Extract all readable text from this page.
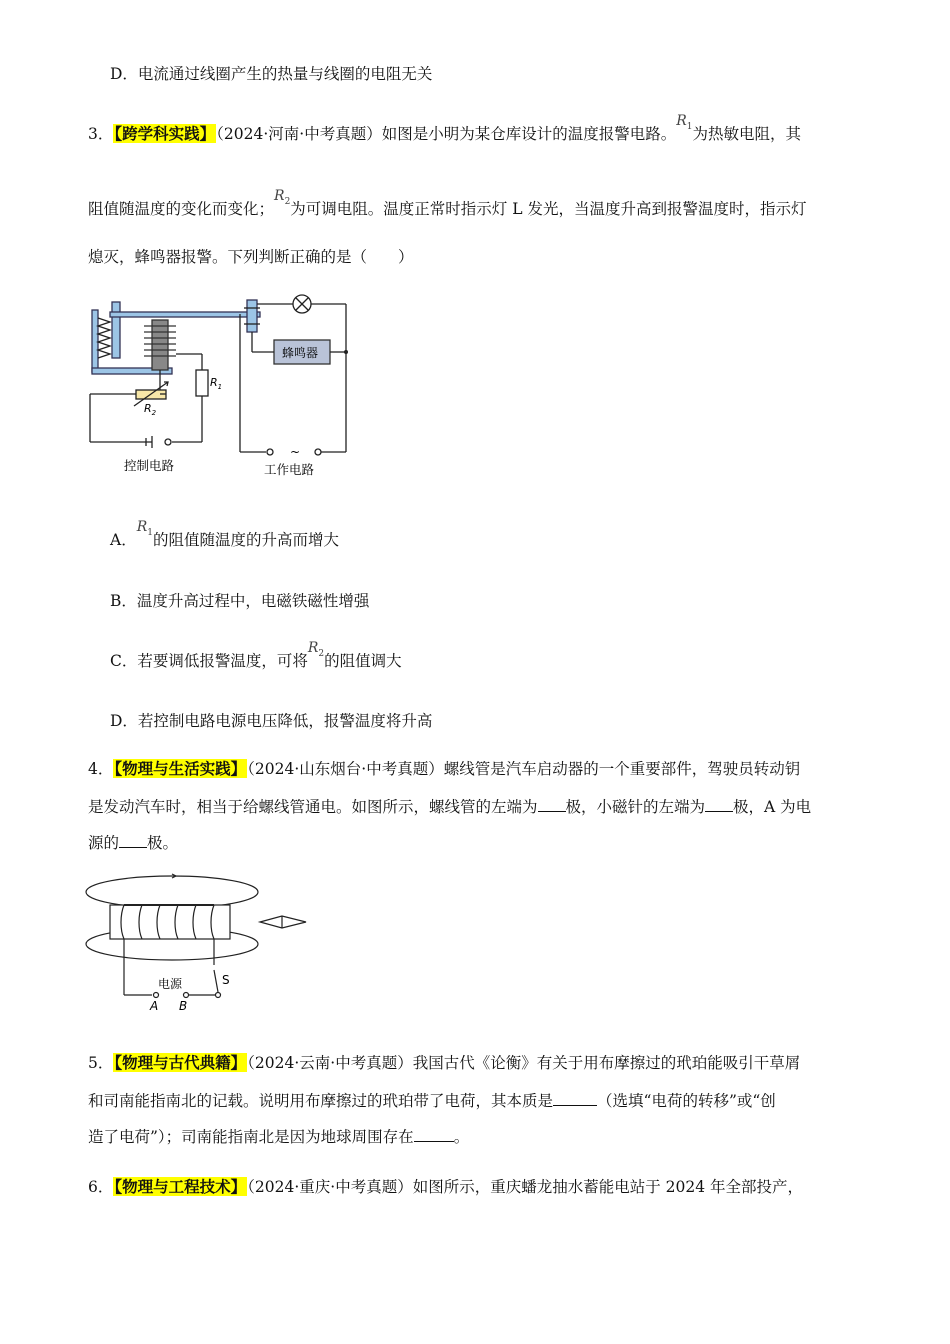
D．电流通过线圈产生的热量与线圈的电阻无关
3．【跨学科实践】（2024·河南·中考真题）如图是小明为某仓库设计的温度报警电路。$R_1$为热敏电阻，其
阻值随温度的变化而变化；$R_2$为可调电阻。温度正常时指示灯 L 发光，当温度升高到报警温度时，指示灯
熄灭，蜂鸣器报警。下列判断正确的是（　　）
蜂鸣器
$R_1$
$R_2$
~
控制电路	工作电路
A．$R_1$的阻值随温度的升高而增大
B．温度升高过程中，电磁铁磁性增强
C．若要调低报警温度，可将$R_2$的阻值调大
D．若控制电路电源电压降低，报警温度将升高
4．【物理与生活实践】（2024·山东烟台·中考真题）螺线管是汽车启动器的一个重要部件，驾驶员转动钥
是发动汽车时，相当于给螺线管通电。如图所示，螺线管的左端为 极，小磁针的左端为 极，A 为电
源的 极。
电源	S
A B
5．【物理与古代典籍】（2024·云南·中考真题）我国古代《论衡》有关于用布摩擦过的玳珀能吸引干草屑
和司南能指南北的记载。说明用布摩擦过的玳珀带了电荷，其本质是	（选填“电荷的转移”或“创
造了电荷”）；司南能指南北是因为地球周围存在	。
6．【物理与工程技术】（2024·重庆·中考真题）如图所示，重庆蟠龙抽水蓄能电站于 2024 年全部投产，
